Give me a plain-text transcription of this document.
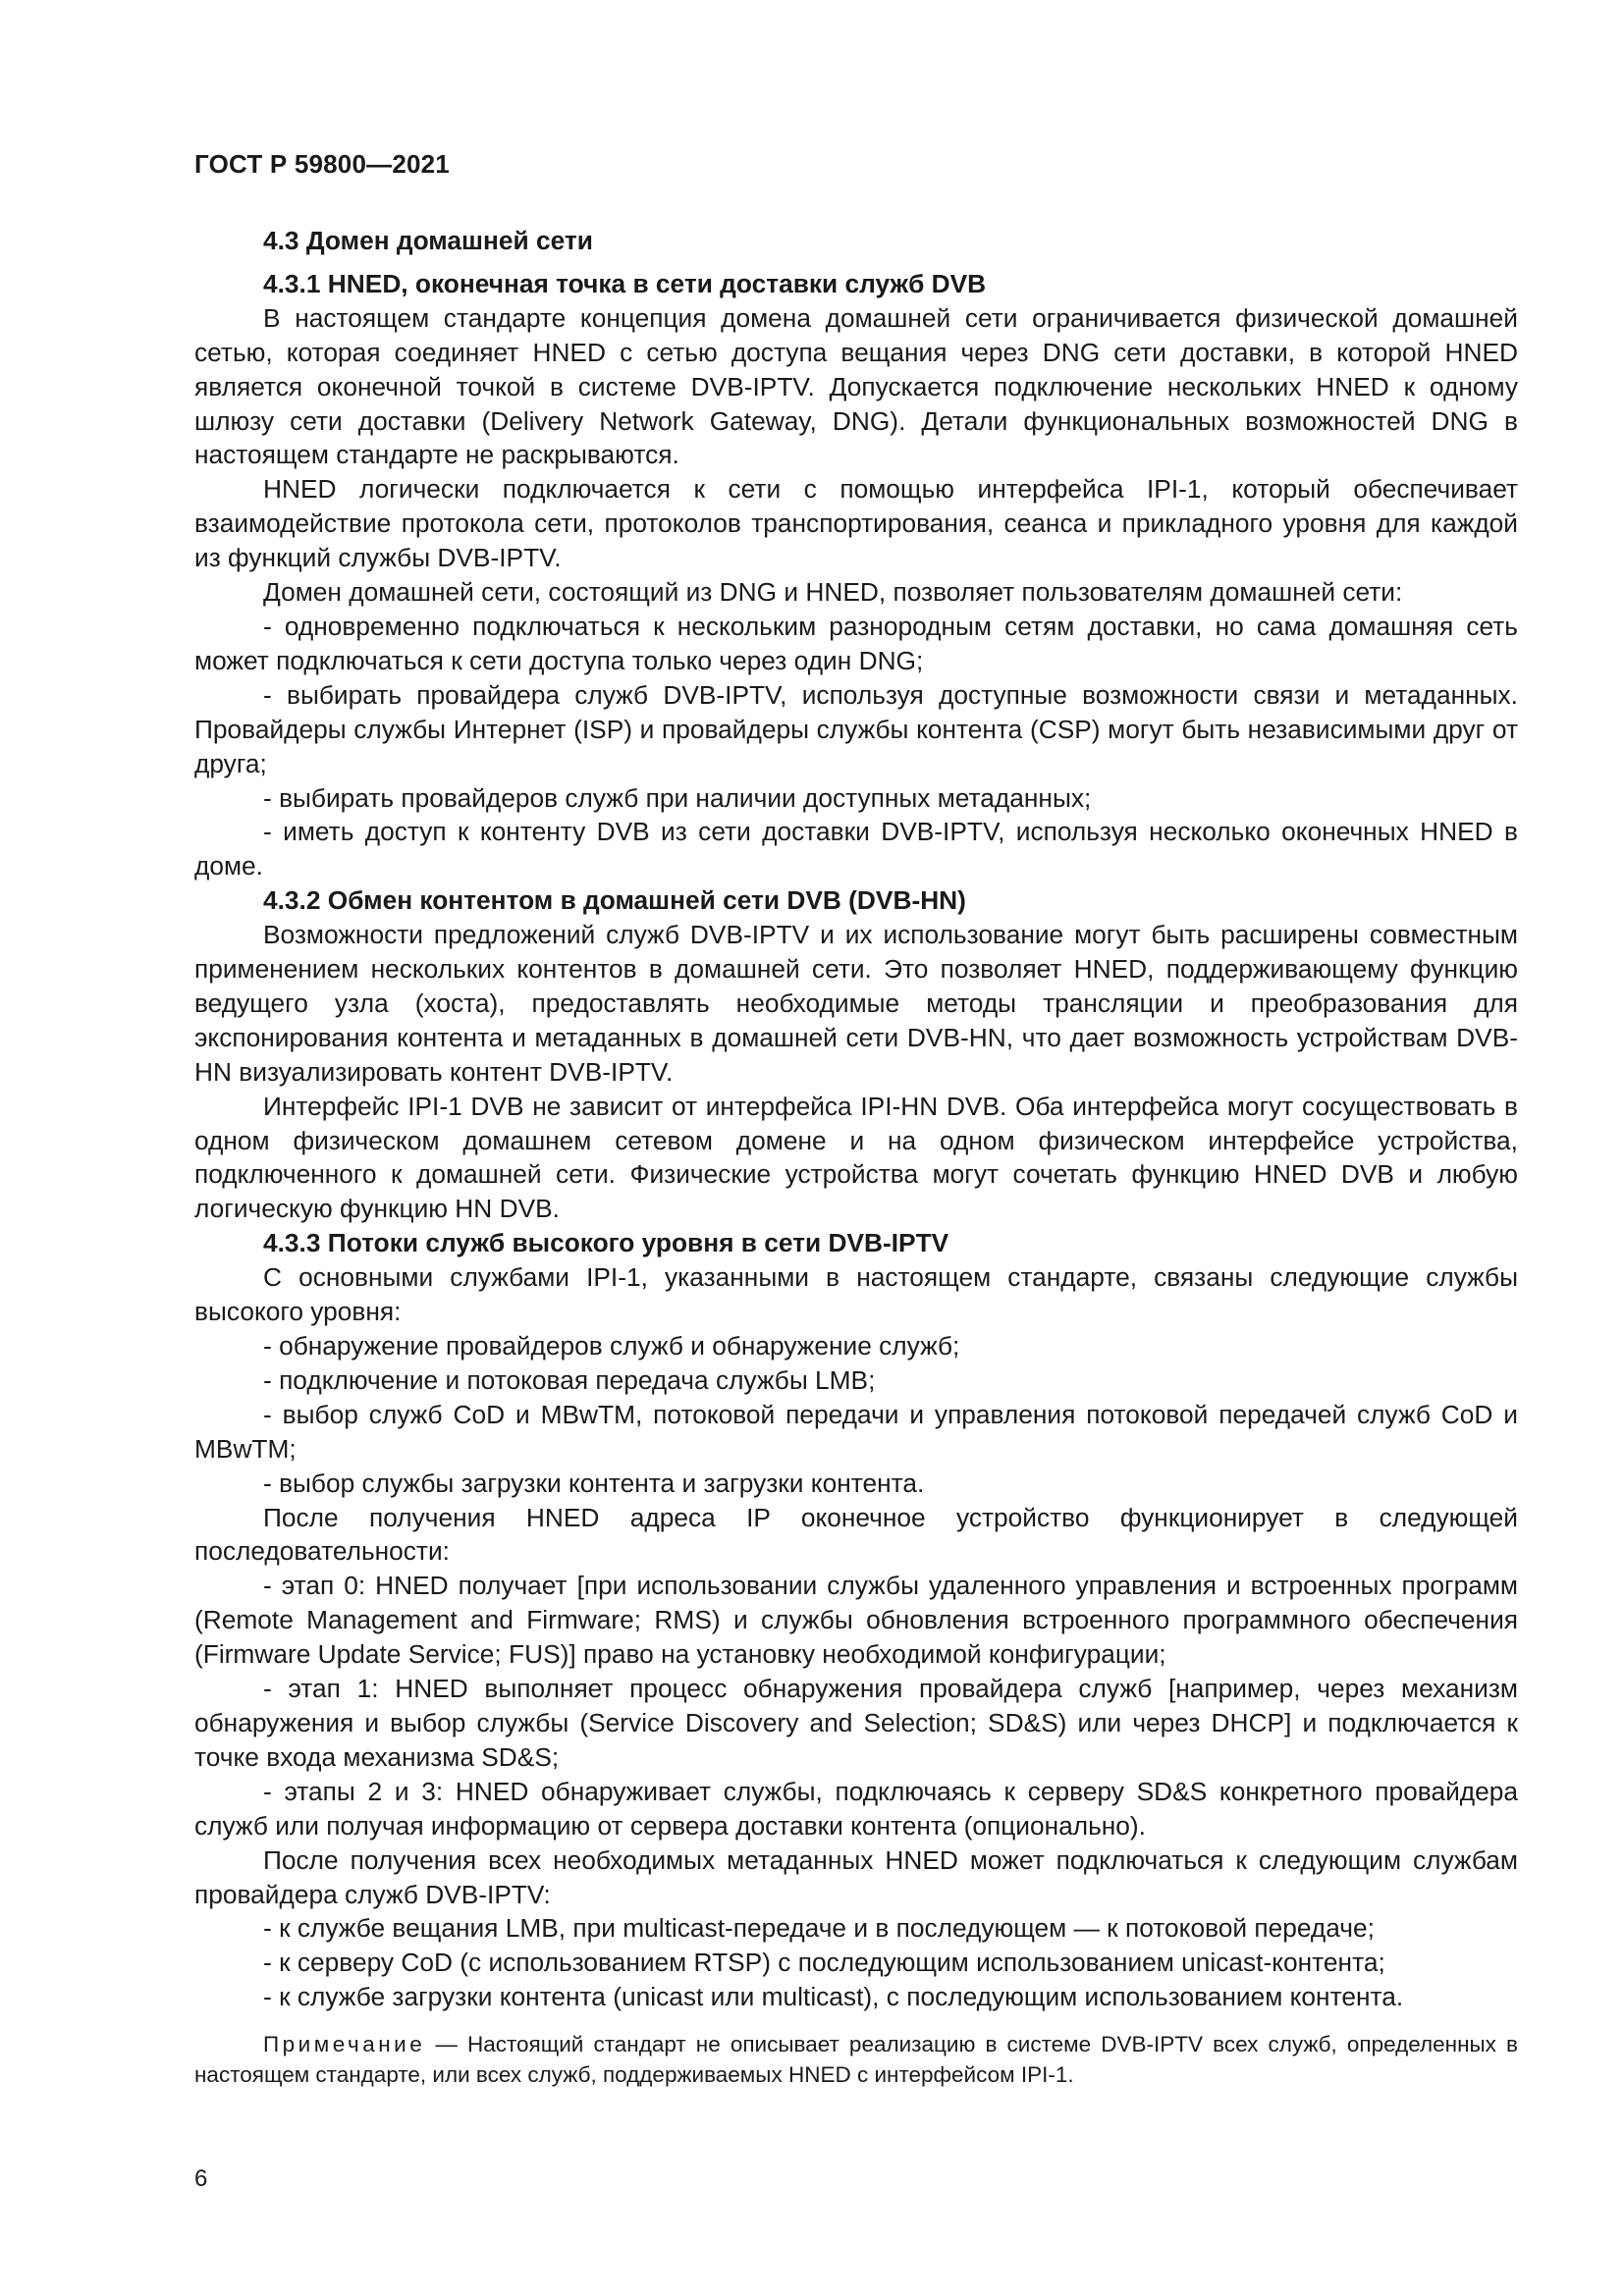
ГОСТ Р 59800—2021
4.3 Домен домашней сети
4.3.1 HNED, оконечная точка в сети доставки служб DVB

В настоящем стандарте концепция домена домашней сети ограничивается физической домашней сетью, которая соединяет HNED с сетью доступа вещания через DNG сети доставки, в которой HNED является оконечной точкой в системе DVB-IPTV. Допускается подключение нескольких HNED к одному шлюзу сети доставки (Delivery Network Gateway, DNG). Детали функциональных возможностей DNG в настоящем стандарте не раскрываются.

HNED логически подключается к сети с помощью интерфейса IPI-1, который обеспечивает взаимодействие протокола сети, протоколов транспортирования, сеанса и прикладного уровня для каждой из функций службы DVB-IPTV.

Домен домашней сети, состоящий из DNG и HNED, позволяет пользователям домашней сети:

- одновременно подключаться к нескольким разнородным сетям доставки, но сама домашняя сеть может подключаться к сети доступа только через один DNG;

- выбирать провайдера служб DVB-IPTV, используя доступные возможности связи и метаданных. Провайдеры службы Интернет (ISP) и провайдеры службы контента (CSP) могут быть независимыми друг от друга;

- выбирать провайдеров служб при наличии доступных метаданных;

- иметь доступ к контенту DVB из сети доставки DVB-IPTV, используя несколько оконечных HNED в доме.

4.3.2 Обмен контентом в домашней сети DVB (DVB-HN)

Возможности предложений служб DVB-IPTV и их использование могут быть расширены совместным применением нескольких контентов в домашней сети. Это позволяет HNED, поддерживающему функцию ведущего узла (хоста), предоставлять необходимые методы трансляции и преобразования для экспонирования контента и метаданных в домашней сети DVB-HN, что дает возможность устройствам DVB-HN визуализировать контент DVB-IPTV.

Интерфейс IPI-1 DVB не зависит от интерфейса IPI-HN DVB. Оба интерфейса могут сосуществовать в одном физическом домашнем сетевом домене и на одном физическом интерфейсе устройства, подключенного к домашней сети. Физические устройства могут сочетать функцию HNED DVB и любую логическую функцию HN DVB.

4.3.3 Потоки служб высокого уровня в сети DVB-IPTV

С основными службами IPI-1, указанными в настоящем стандарте, связаны следующие службы высокого уровня:

- обнаружение провайдеров служб и обнаружение служб;

- подключение и потоковая передача службы LMB;

- выбор служб CoD и MBwTM, потоковой передачи и управления потоковой передачей служб CoD и MBwTM;

- выбор службы загрузки контента и загрузки контента.

После получения HNED адреса IP оконечное устройство функционирует в следующей последовательности:

- этап 0: HNED получает [при использовании службы удаленного управления и встроенных программ (Remote Management and Firmware; RMS) и службы обновления встроенного программного обеспечения (Firmware Update Service; FUS)] право на установку необходимой конфигурации;

- этап 1: HNED выполняет процесс обнаружения провайдера служб [например, через механизм обнаружения и выбор службы (Service Discovery and Selection; SD&S) или через DHCP] и подключается к точке входа механизма SD&S;

- этапы 2 и 3: HNED обнаруживает службы, подключаясь к серверу SD&S конкретного провайдера служб или получая информацию от сервера доставки контента (опционально).

После получения всех необходимых метаданных HNED может подключаться к следующим службам провайдера служб DVB-IPTV:

- к службе вещания LMB, при multicast-передаче и в последующем — к потоковой передаче;

- к серверу CoD (с использованием RTSP) с последующим использованием unicast-контента;

- к службе загрузки контента (unicast или multicast), с последующим использованием контента.

Примечание — Настоящий стандарт не описывает реализацию в системе DVB-IPTV всех служб, определенных в настоящем стандарте, или всех служб, поддерживаемых HNED с интерфейсом IPI-1.

6
